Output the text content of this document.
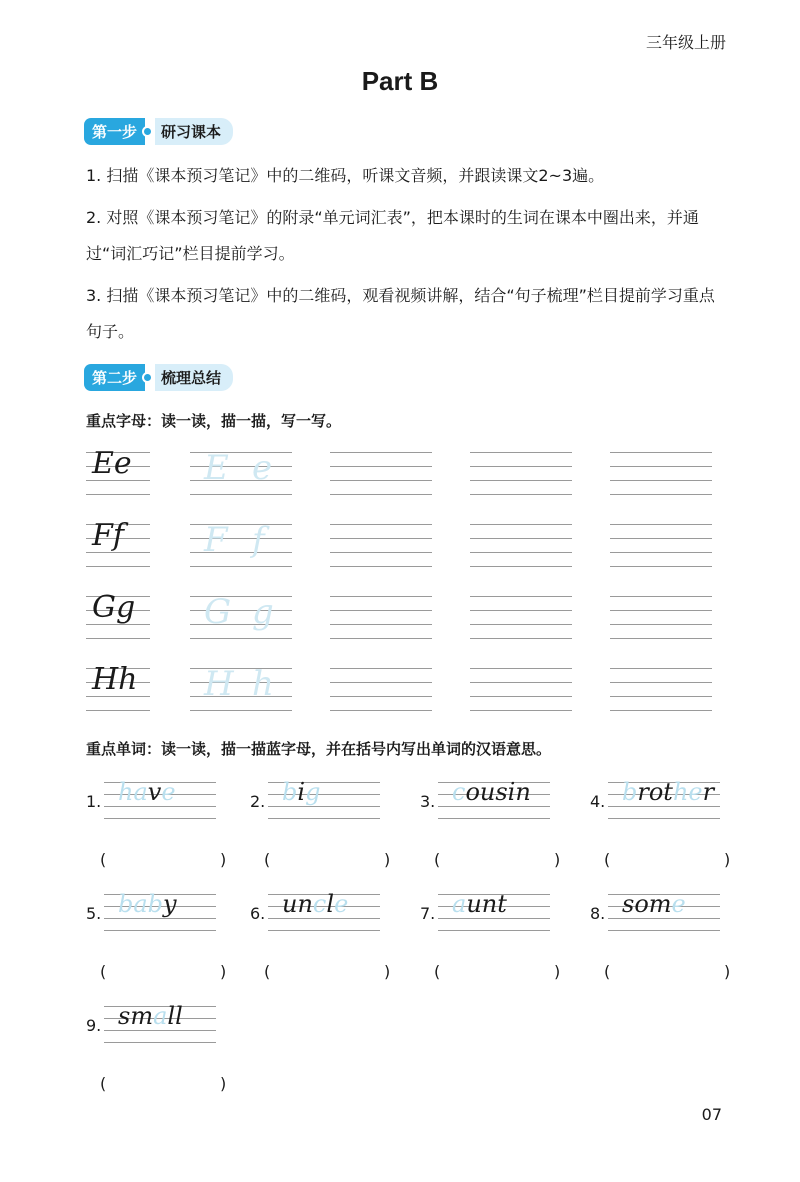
三年级上册
Part B
第一步	研习课本
1. 扫描《课本预习笔记》中的二维码，听课文音频，并跟读课文2~3遍。
2. 对照《课本预习笔记》的附录“单元词汇表”，把本课时的生词在课本中圈出来，并通过“词汇巧记”栏目提前学习。
3. 扫描《课本预习笔记》中的二维码，观看视频讲解，结合“句子梳理”栏目提前学习重点句子。
第二步	梳理总结
重点字母：读一读，描一描，写一写。
Ee E e
Ff F f
Gg G g
Hh H h
重点单词：读一读，描一描蓝字母，并在括号内写出单词的汉语意思。
1. have
(	)
2. big
(	)
3. cousin
(	)
4. brother
(	)
5. baby
(	)
6. uncle
(	)
7. aunt
(	)
8. some
(	)
9. small
(	)
07
